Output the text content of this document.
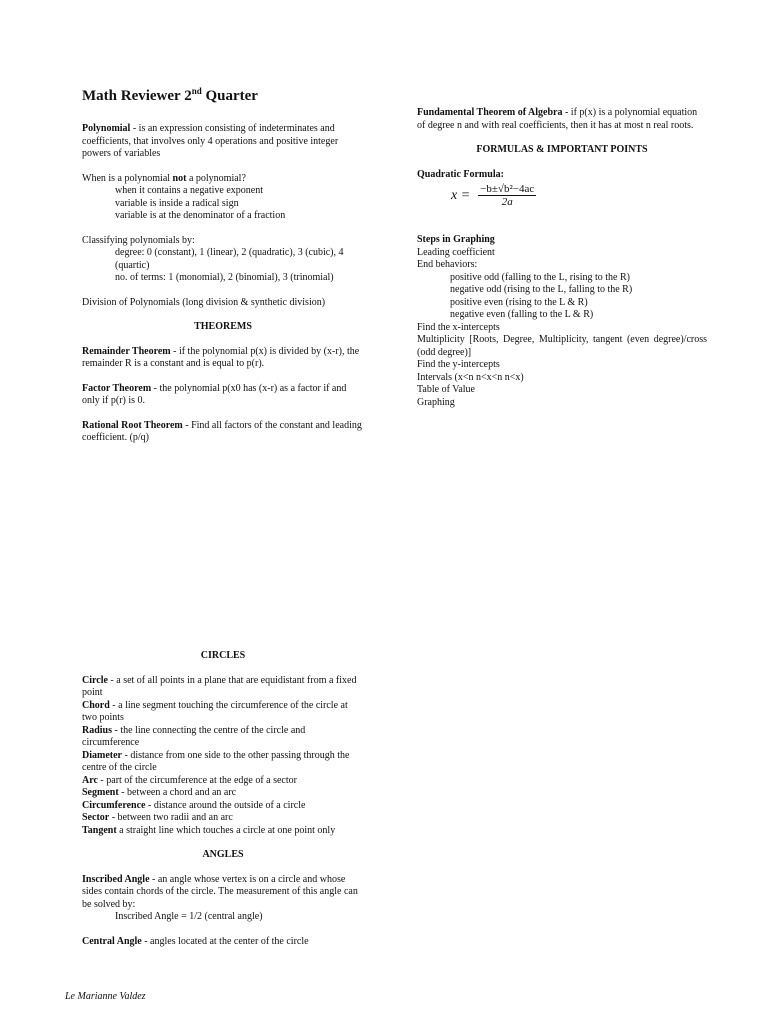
Math Reviewer 2nd Quarter

Polynomial - is an expression consisting of indeterminates and coefficients, that involves only 4 operations and positive integer powers of variables

When is a polynomial not a polynomial?
when it contains a negative exponent
variable is inside a radical sign
variable is at the denominator of a fraction
Classifying polynomials by:
degree: 0 (constant), 1 (linear), 2 (quadratic), 3 (cubic), 4 (quartic)
no. of terms: 1 (monomial), 2 (binomial), 3 (trinomial)

Division of Polynomials (long division & synthetic division)

THEOREMS

Remainder Theorem - if the polynomial p(x) is divided by (x-r), the remainder R is a constant and is equal to p(r).

Factor Theorem - the polynomial p(x0 has (x-r) as a factor if and only if p(r) is 0.

Rational Root Theorem - Find all factors of the constant and leading coefficient. (p/q)

Fundamental Theorem of Algebra - if p(x) is a polynomial equation of degree n and with real coefficients, then it has at most n real roots.

FORMULAS & IMPORTANT POINTS
Quadratic Formula:
$x = \frac{\text{−b±√b²−4ac}}{2a}$
Steps in Graphing
Leading coefficient
End behaviors:
positive odd (falling to the L, rising to the R)
negative odd (rising to the L, falling to the R)
positive even (rising to the L & R)
negative even (falling to the L & R)
Find the x-intercepts
Multiplicity [Roots, Degree, Multiplicity, tangent (even degree)/cross (odd degree)]
Find the y-intercepts
Intervals (x<n n<x<n n<x)
Table of Value
Graphing
CIRCLES
Circle - a set of all points in a plane that are equidistant from a fixed point
Chord - a line segment touching the circumference of the circle at two points
Radius - the line connecting the centre of the circle and circumference
Diameter - distance from one side to the other passing through the centre of the circle
Arc - part of the circumference at the edge of a sector
Segment - between a chord and an arc
Circumference - distance around the outside of a circle
Sector - between two radii and an arc
Tangent a straight line which touches a circle at one point only
ANGLES
Inscribed Angle - an angle whose vertex is on a circle and whose sides contain chords of the circle. The measurement of this angle can be solved by:
Inscribed Angle = 1/2 (central angle)

Central Angle - angles located at the center of the circle

Le Marianne Valdez
